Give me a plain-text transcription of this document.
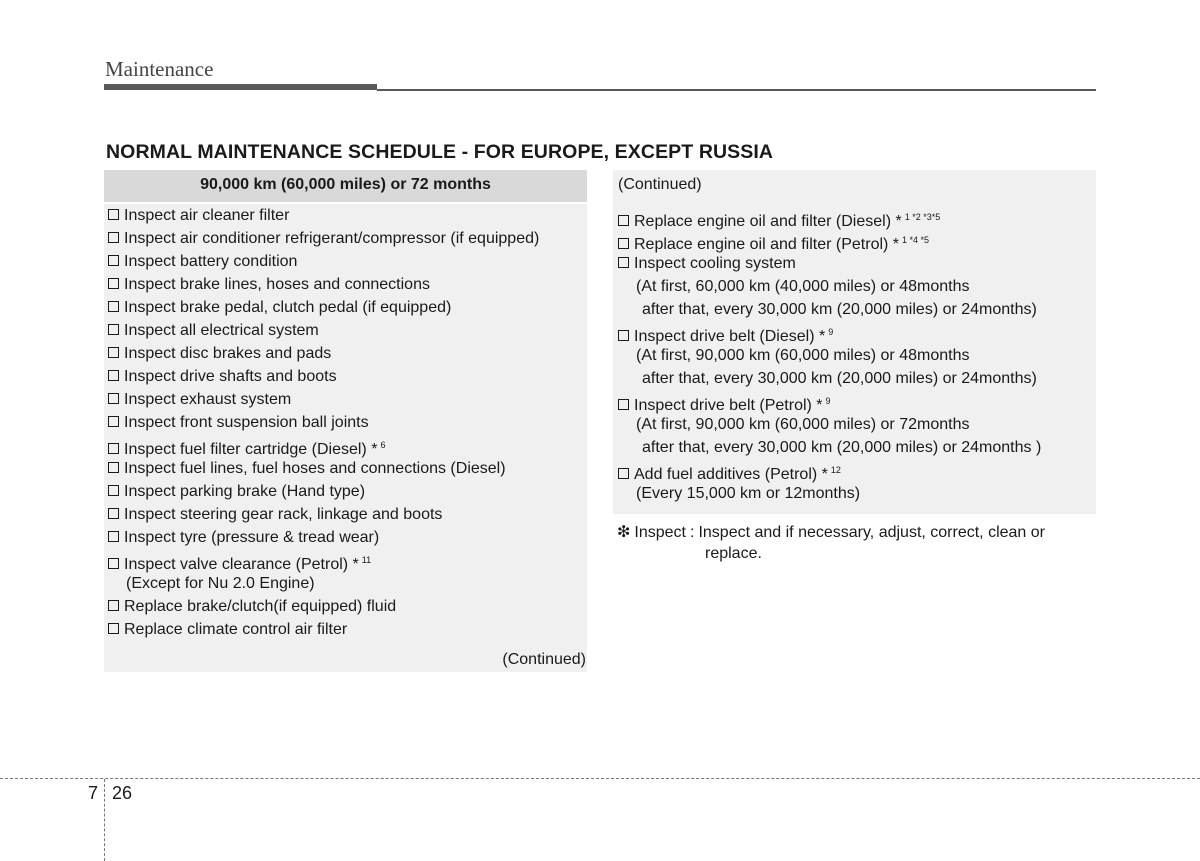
Maintenance
NORMAL MAINTENANCE SCHEDULE - FOR EUROPE, EXCEPT RUSSIA
90,000 km (60,000 miles) or 72 months
Inspect air cleaner filter
Inspect air conditioner refrigerant/compressor (if equipped)
Inspect battery condition
Inspect brake lines, hoses and connections
Inspect brake pedal, clutch pedal (if equipped)
Inspect all electrical system
Inspect disc brakes and pads
Inspect drive shafts and boots
Inspect exhaust system
Inspect front suspension ball joints
Inspect fuel filter cartridge (Diesel) * $^6$
Inspect fuel lines, fuel hoses and connections (Diesel)
Inspect parking brake (Hand type)
Inspect steering gear rack, linkage and boots
Inspect tyre (pressure & tread wear)
Inspect valve clearance (Petrol) * $^{11}$
(Except for Nu 2.0 Engine)
Replace brake/clutch(if equipped) fluid
Replace climate control air filter
(Continued)
(Continued)
Replace engine oil and filter (Diesel) * $^{1 *2 *3*5}$
Replace engine oil and filter (Petrol) * $^{1 *4 *5}$
Inspect cooling system
(At first, 60,000 km (40,000 miles) or 48months
after that, every 30,000 km (20,000 miles) or 24months)
Inspect drive belt (Diesel) * $^9$
(At first, 90,000 km (60,000 miles) or 48months
after that, every 30,000 km (20,000 miles) or 24months)
Inspect drive belt (Petrol) * $^9$
(At first, 90,000 km (60,000 miles) or 72months
after that, every 30,000 km (20,000 miles) or 24months )
Add fuel additives (Petrol) * $^{12}$
(Every 15,000 km or 12months)
❇ Inspect : Inspect and if necessary, adjust, correct, clean or
replace.
7 26
